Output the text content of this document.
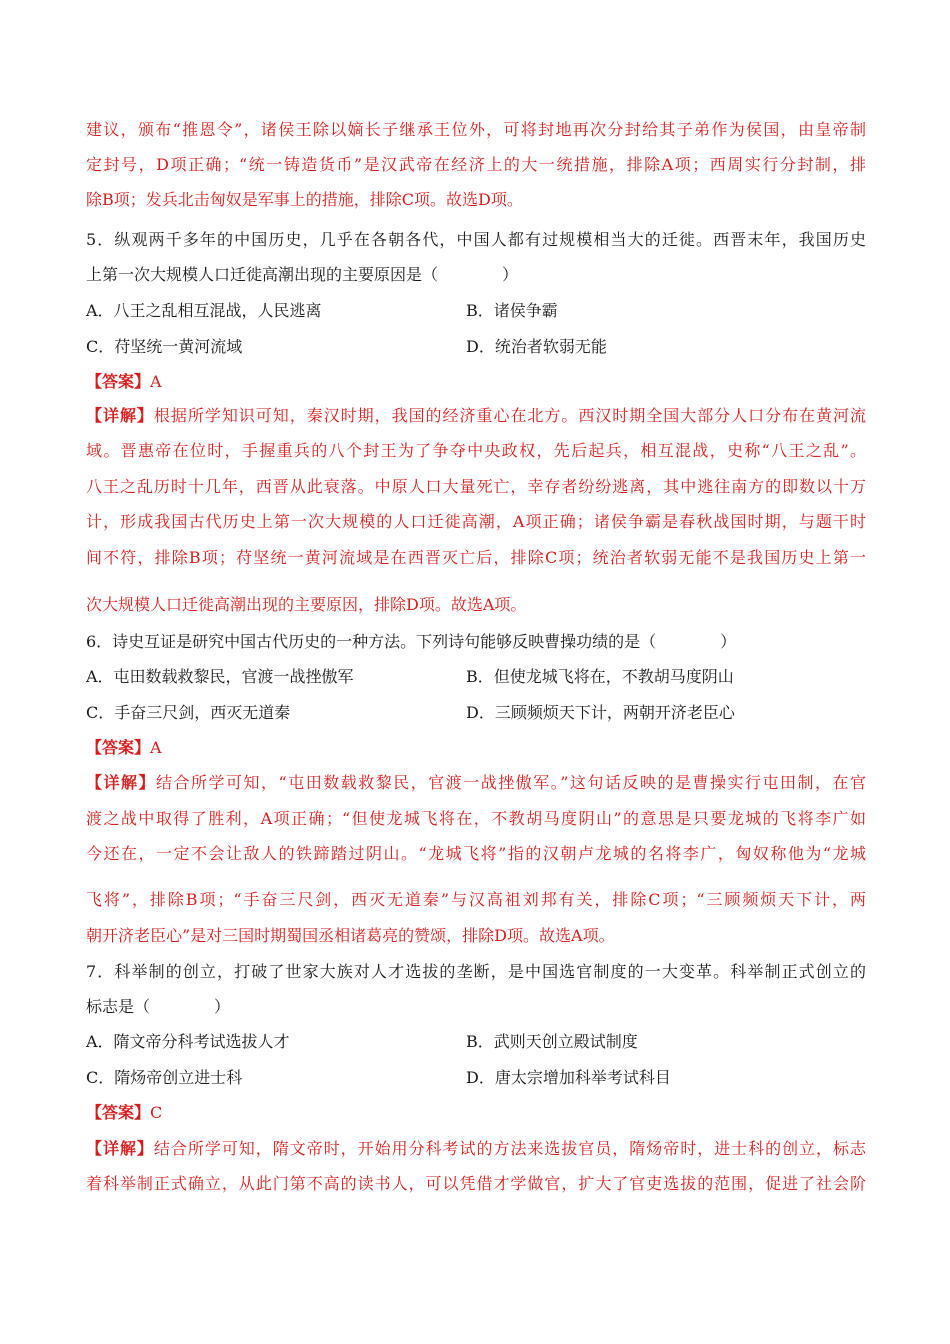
建议，颁布“推恩令”，诸侯王除以嫡长子继承王位外，可将封地再次分封给其子弟作为侯国，由皇帝制
定封号，D项正确；“统一铸造货币”是汉武帝在经济上的大一统措施，排除A项；西周实行分封制，排
除B项；发兵北击匈奴是军事上的措施，排除C项。故选D项。
5．纵观两千多年的中国历史，几乎在各朝各代，中国人都有过规模相当大的迁徙。西晋末年，我国历史
上第一次大规模人口迁徙高潮出现的主要原因是（　　　　）
A．八王之乱相互混战，人民逃离	B．诸侯争霸
C．苻坚统一黄河流域	D．统治者软弱无能
【答案】A
【详解】根据所学知识可知，秦汉时期，我国的经济重心在北方。西汉时期全国大部分人口分布在黄河流
域。晋惠帝在位时，手握重兵的八个封王为了争夺中央政权，先后起兵，相互混战，史称“八王之乱”。
八王之乱历时十几年，西晋从此衰落。中原人口大量死亡，幸存者纷纷逃离，其中逃往南方的即数以十万
计，形成我国古代历史上第一次大规模的人口迁徙高潮，A项正确；诸侯争霸是春秋战国时期，与题干时
间不符，排除B项；苻坚统一黄河流域是在西晋灭亡后，排除C项；统治者软弱无能不是我国历史上第一
次大规模人口迁徙高潮出现的主要原因，排除D项。故选A项。
6．诗史互证是研究中国古代历史的一种方法。下列诗句能够反映曹操功绩的是（　　　　）
A．屯田数载救黎民，官渡一战挫傲军	B．但使龙城飞将在，不教胡马度阴山
C．手奋三尺剑，西灭无道秦	D．三顾频烦天下计，两朝开济老臣心
【答案】A
【详解】结合所学可知，“屯田数载救黎民，官渡一战挫傲军。”这句话反映的是曹操实行屯田制，在官
渡之战中取得了胜利，A项正确；“但使龙城飞将在，不教胡马度阴山”的意思是只要龙城的飞将李广如
今还在，一定不会让敌人的铁蹄踏过阴山。“龙城飞将”指的汉朝卢龙城的名将李广，匈奴称他为“龙城
飞将”，排除B项；“手奋三尺剑，西灭无道秦”与汉高祖刘邦有关，排除C项；“三顾频烦天下计，两
朝开济老臣心”是对三国时期蜀国丞相诸葛亮的赞颂，排除D项。故选A项。
7．科举制的创立，打破了世家大族对人才选拔的垄断，是中国选官制度的一大变革。科举制正式创立的
标志是（　　　　）
A．隋文帝分科考试选拔人才	B．武则天创立殿试制度
C．隋炀帝创立进士科	D．唐太宗增加科举考试科目
【答案】C
【详解】结合所学可知，隋文帝时，开始用分科考试的方法来选拔官员，隋炀帝时，进士科的创立，标志
着科举制正式确立，从此门第不高的读书人，可以凭借才学做官，扩大了官吏选拔的范围，促进了社会阶
